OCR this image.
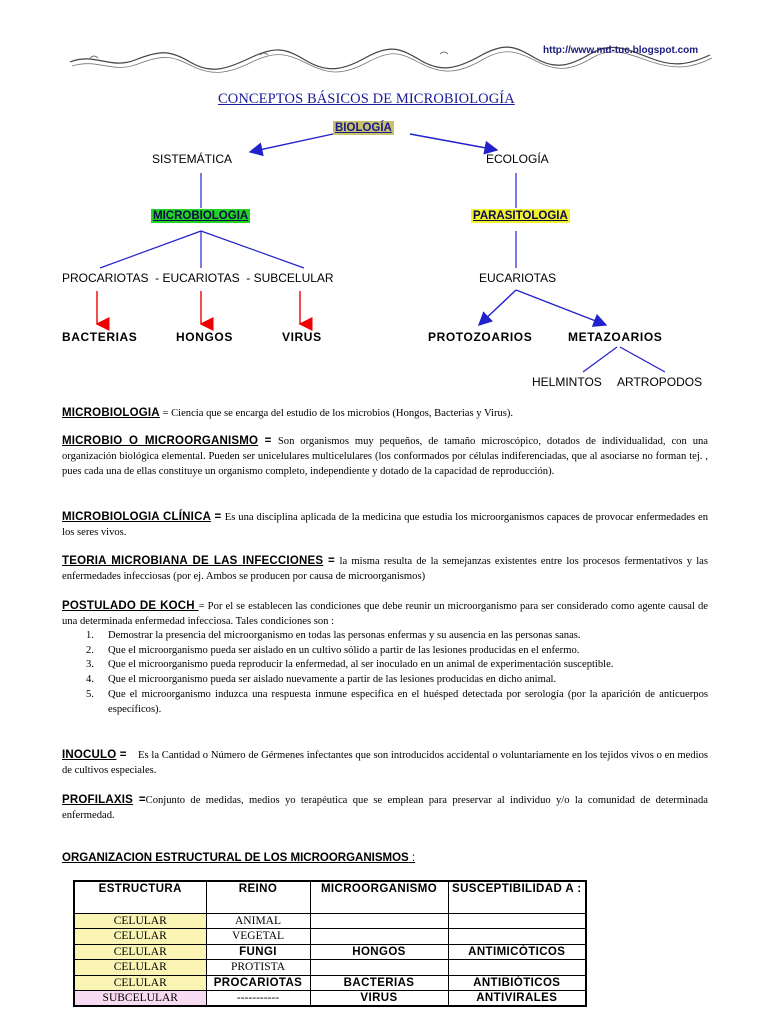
http://www.md-tuc.blogspot.com
CONCEPTOS BÁSICOS DE MICROBIOLOGÍA
BIOLOGÍA
SISTEMÁTICA	ECOLOGÍA
MICROBIOLOGIA	PARASITOLOGIA
PROCARIOTAS  - EUCARIOTAS  - SUBCELULAR	EUCARIOTAS
BACTERIAS	HONGOS	VIRUS	PROTOZOARIOS	METAZOARIOS
HELMINTOS ARTROPODOS
MICROBIOLOGIA = Ciencia que se encarga del estudio de los microbios (Hongos, Bacterias y Virus).
MICROBIO O MICROORGANISMO = Son organismos muy pequeños, de tamaño microscópico, dotados de individualidad, con una organización biológica elemental. Pueden ser unicelulares multicelulares (los conformados por células indiferenciadas, que al asociarse no forman tej. , pues cada una de ellas constituye un organismo completo, independiente y dotado de la capacidad de reproducción).
MICROBIOLOGIA CLÍNICA = Es una disciplina aplicada de la medicina que estudia los microorganismos capaces de provocar enfermedades en los seres vivos.
TEORIA MICROBIANA DE LAS INFECCIONES = la misma resulta de la semejanzas existentes entre los procesos fermentativos y las enfermedades infecciosas (por ej. Ambos se producen por causa de microorganismos)
POSTULADO DE KOCH = Por el se establecen las condiciones que debe reunir un microorganismo para ser considerado como agente causal de una determinada enfermedad infecciosa. Tales condiciones son :
1. Demostrar la presencia del microorganismo en todas las personas enfermas y su ausencia en las personas sanas.
2. Que el microorganismo pueda ser aislado en un cultivo sólido a partir de las lesiones producidas en el enfermo.
3. Que el microorganismo pueda reproducir la enfermedad, al ser inoculado en un animal de experimentación susceptible.
4. Que el microorganismo pueda ser aislado nuevamente a partir de las lesiones producidas en dicho animal.
5. Que el microorganismo induzca una respuesta inmune especifica en el huésped detectada por serología (por la aparición de anticuerpos específicos).
INOCULO =    Es la Cantidad o Número de Gérmenes infectantes que son introducidos accidental o voluntariamente en los tejidos vivos o en medios de cultivos especiales.
PROFILAXIS =Conjunto de medidas, medios yo terapéutica que se emplean para preservar al individuo y/o la comunidad de determinada enfermedad.
ORGANIZACION ESTRUCTURAL DE LOS MICROORGANISMOS :
ESTRUCTURA	REINO	MICROORGANISMO	SUSCEPTIBILIDAD A :
CELULAR	ANIMAL		
CELULAR	VEGETAL		
CELULAR	FUNGI	HONGOS	ANTIMICÓTICOS
CELULAR	PROTISTA		
CELULAR	PROCARIOTAS	BACTERIAS	ANTIBIÓTICOS
SUBCELULAR	-----------	VIRUS	ANTIVIRALES
